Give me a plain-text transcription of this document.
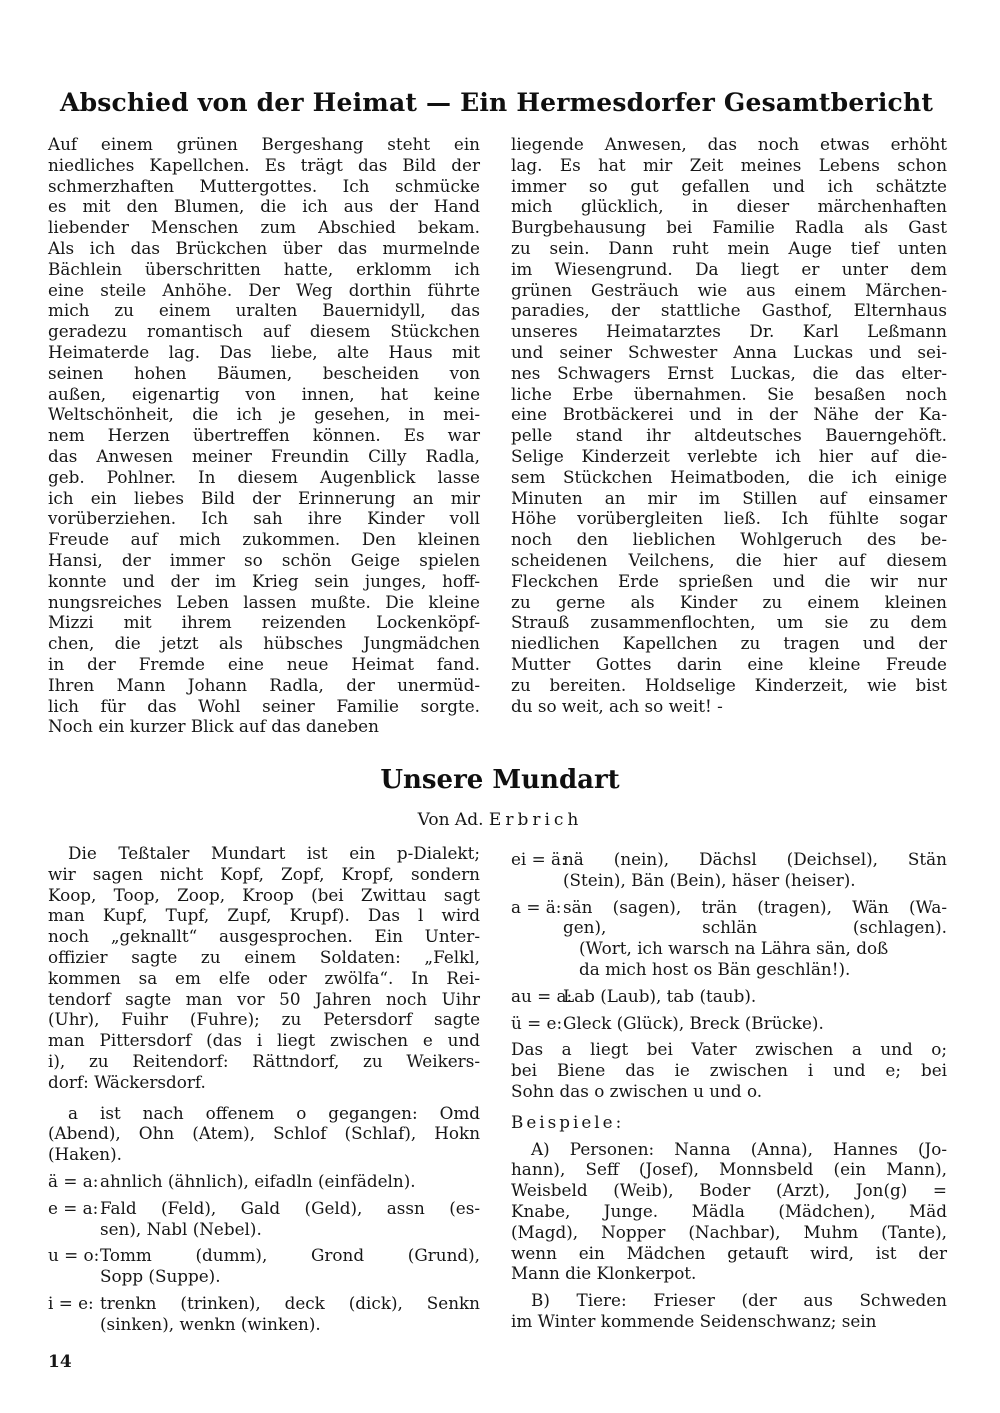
Abschied von der Heimat — Ein Hermesdorfer Gesamtbericht
Auf einem grünen Bergeshang steht ein
niedliches Kapellchen. Es trägt das Bild der
schmerzhaften Muttergottes. Ich schmücke
es mit den Blumen, die ich aus der Hand
liebender Menschen zum Abschied bekam.
Als ich das Brückchen über das murmelnde
Bächlein überschritten hatte, erklomm ich
eine steile Anhöhe. Der Weg dorthin führte
mich zu einem uralten Bauernidyll, das
geradezu romantisch auf diesem Stückchen
Heimaterde lag. Das liebe, alte Haus mit
seinen hohen Bäumen, bescheiden von
außen, eigenartig von innen, hat keine
Weltschönheit, die ich je gesehen, in mei-
nem Herzen übertreffen können. Es war
das Anwesen meiner Freundin Cilly Radla,
geb. Pohlner. In diesem Augenblick lasse
ich ein liebes Bild der Erinnerung an mir
vorüberziehen. Ich sah ihre Kinder voll
Freude auf mich zukommen. Den kleinen
Hansi, der immer so schön Geige spielen
konnte und der im Krieg sein junges, hoff-
nungsreiches Leben lassen mußte. Die kleine
Mizzi mit ihrem reizenden Lockenköpf-
chen, die jetzt als hübsches Jungmädchen
in der Fremde eine neue Heimat fand.
Ihren Mann Johann Radla, der unermüd-
lich für das Wohl seiner Familie sorgte.
Noch ein kurzer Blick auf das daneben
liegende Anwesen, das noch etwas erhöht
lag. Es hat mir Zeit meines Lebens schon
immer so gut gefallen und ich schätzte
mich glücklich, in dieser märchenhaften
Burgbehausung bei Familie Radla als Gast
zu sein. Dann ruht mein Auge tief unten
im Wiesengrund. Da liegt er unter dem
grünen Gesträuch wie aus einem Märchen-
paradies, der stattliche Gasthof, Elternhaus
unseres Heimatarztes Dr. Karl Leßmann
und seiner Schwester Anna Luckas und sei-
nes Schwagers Ernst Luckas, die das elter-
liche Erbe übernahmen. Sie besaßen noch
eine Brotbäckerei und in der Nähe der Ka-
pelle stand ihr altdeutsches Bauerngehöft.
Selige Kinderzeit verlebte ich hier auf die-
sem Stückchen Heimatboden, die ich einige
Minuten an mir im Stillen auf einsamer
Höhe vorübergleiten ließ. Ich fühlte sogar
noch den lieblichen Wohlgeruch des be-
scheidenen Veilchens, die hier auf diesem
Fleckchen Erde sprießen und die wir nur
zu gerne als Kinder zu einem kleinen
Strauß zusammenflochten, um sie zu dem
niedlichen Kapellchen zu tragen und der
Mutter Gottes darin eine kleine Freude
zu bereiten. Holdselige Kinderzeit, wie bist
du so weit, ach so weit! -
Unsere Mundart
Von Ad. Erbrich
Die Teßtaler Mundart ist ein p-Dialekt;
wir sagen nicht Kopf, Zopf, Kropf, sondern
Koop, Toop, Zoop, Kroop (bei Zwittau sagt
man Kupf, Tupf, Zupf, Krupf). Das l wird
noch „geknallt“ ausgesprochen. Ein Unter-
offizier sagte zu einem Soldaten: „Felkl,
kommen sa em elfe oder zwölfa“. In Rei-
tendorf sagte man vor 50 Jahren noch Uihr
(Uhr), Fuihr (Fuhre); zu Petersdorf sagte
man Pittersdorf (das i liegt zwischen e und
i), zu Reitendorf: Rättndorf, zu Weikers-
dorf: Wäckersdorf.
a ist nach offenem o gegangen: Omd
(Abend), Ohn (Atem), Schlof (Schlaf), Hokn
(Haken).
ä = a: ahnlich (ähnlich), eifadln (einfädeln).
e = a: Fald (Feld), Gald (Geld), assn (es-
sen), Nabl (Nebel).
u = o: Tomm (dumm), Grond (Grund),
Sopp (Suppe).
i = e: trenkn (trinken), deck (dick), Senkn
(sinken), wenkn (winken).
ei = ä:
nä (nein), Dächsl (Deichsel), Stän
(Stein), Bän (Bein), häser (heiser).
a = ä: sän (sagen), trän (tragen), Wän (Wa-
gen), schlän (schlagen).
(Wort, ich warsch na Lähra sän, doß
da mich host os Bän geschlän!).
au = a:
Lab (Laub), tab (taub).
ü = e: Gleck (Glück), Breck (Brücke).
Das a liegt bei Vater zwischen a und o;
bei Biene das ie zwischen i und e; bei
Sohn das o zwischen u und o.
Beispiele:
A) Personen: Nanna (Anna), Hannes (Jo-
hann), Seff (Josef), Monnsbeld (ein Mann),
Weisbeld (Weib), Boder (Arzt), Jon(g) =
Knabe, Junge. Mädla (Mädchen), Mäd
(Magd), Nopper (Nachbar), Muhm (Tante),
wenn ein Mädchen getauft wird, ist der
Mann die Klonkerpot.
B) Tiere: Frieser (der aus Schweden
im Winter kommende Seidenschwanz; sein
14
